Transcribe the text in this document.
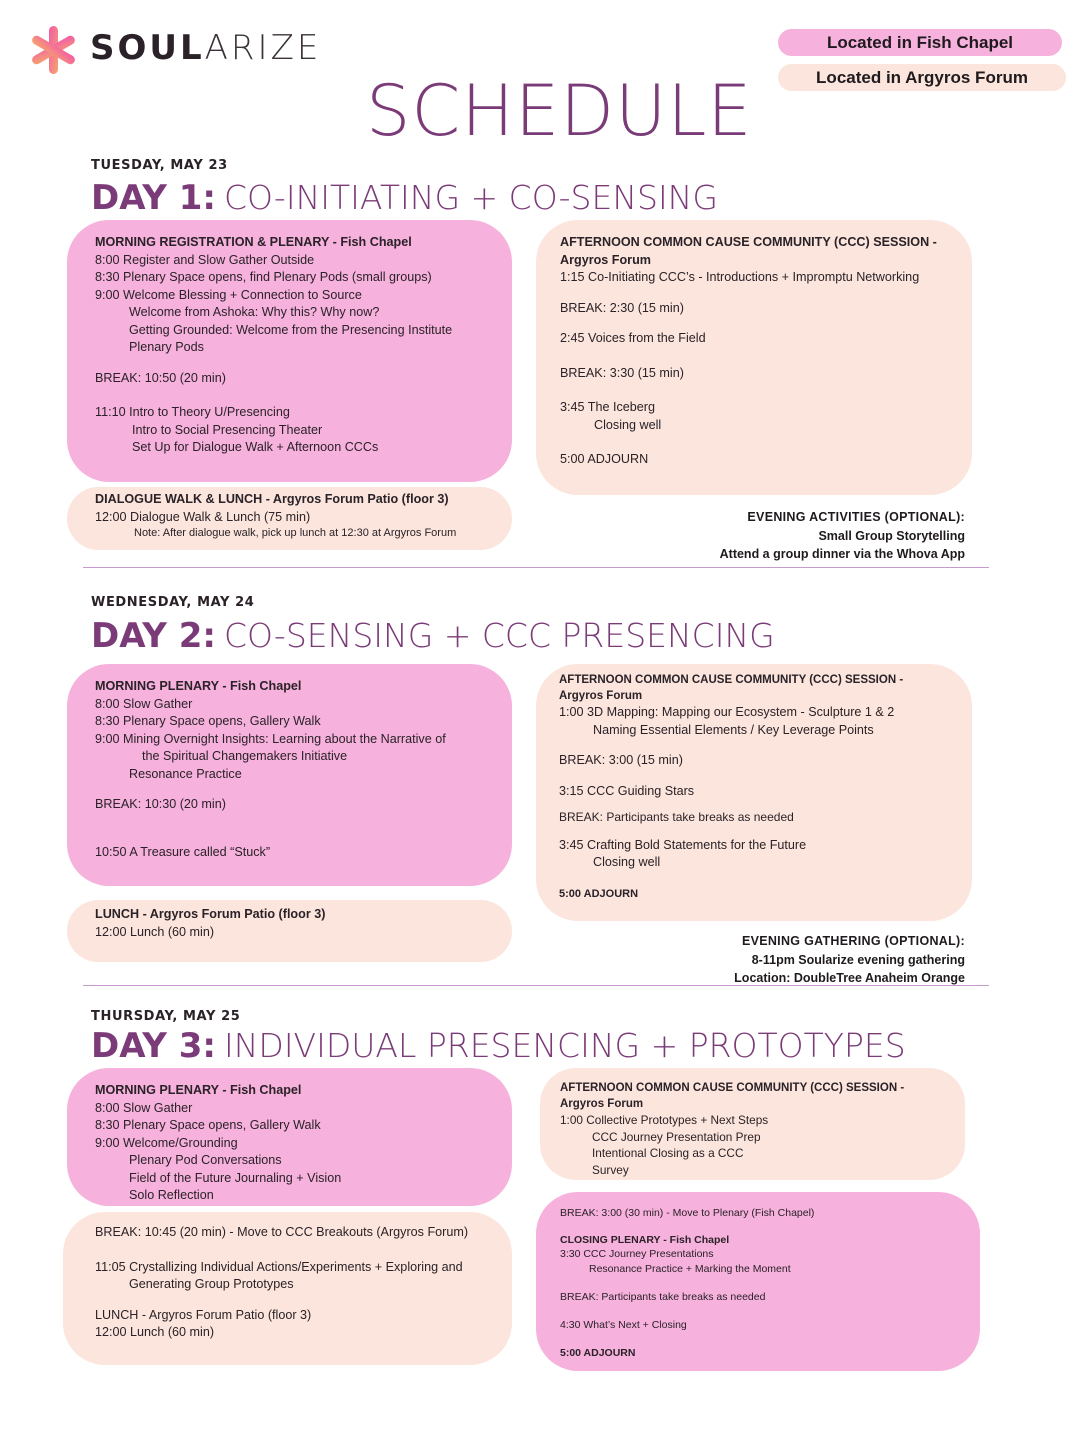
SOULARIZE	Located in Fish Chapel
Located in Argyros Forum
SCHEDULE
TUESDAY, MAY 23
DAY 1: CO-INITIATING + CO-SENSING
MORNING REGISTRATION & PLENARY - Fish Chapel
8:00 Register and Slow Gather Outside
8:30 Plenary Space opens, find Plenary Pods (small groups)
9:00 Welcome Blessing + Connection to Source
Welcome from Ashoka: Why this? Why now?
Getting Grounded: Welcome from the Presencing Institute
Plenary Pods
BREAK: 10:50 (20 min)
11:10 Intro to Theory U/Presencing
Intro to Social Presencing Theater
Set Up for Dialogue Walk + Afternoon CCCs
DIALOGUE WALK & LUNCH - Argyros Forum Patio (floor 3)
12:00 Dialogue Walk & Lunch (75 min)
Note: After dialogue walk, pick up lunch at 12:30 at Argyros Forum
AFTERNOON COMMON CAUSE COMMUNITY (CCC) SESSION -
Argyros Forum
1:15 Co-Initiating CCC’s - Introductions + Impromptu Networking
BREAK: 2:30 (15 min)
2:45 Voices from the Field
BREAK: 3:30 (15 min)
3:45 The Iceberg
Closing well
5:00 ADJOURN
EVENING ACTIVITIES (OPTIONAL):
Small Group Storytelling
Attend a group dinner via the Whova App
WEDNESDAY, MAY 24
DAY 2: CO-SENSING + CCC PRESENCING
MORNING PLENARY - Fish Chapel
8:00 Slow Gather
8:30 Plenary Space opens, Gallery Walk
9:00 Mining Overnight Insights: Learning about the Narrative of
the Spiritual Changemakers Initiative
Resonance Practice
BREAK: 10:30 (20 min)
10:50 A Treasure called “Stuck”
LUNCH - Argyros Forum Patio (floor 3)
12:00 Lunch (60 min)
AFTERNOON COMMON CAUSE COMMUNITY (CCC) SESSION -
Argyros Forum
1:00 3D Mapping: Mapping our Ecosystem - Sculpture 1 & 2
Naming Essential Elements / Key Leverage Points
BREAK: 3:00 (15 min)
3:15 CCC Guiding Stars
BREAK: Participants take breaks as needed
3:45 Crafting Bold Statements for the Future
Closing well
5:00 ADJOURN
EVENING GATHERING (OPTIONAL):
8-11pm Soularize evening gathering
Location: DoubleTree Anaheim Orange
THURSDAY, MAY 25
DAY 3: INDIVIDUAL PRESENCING + PROTOTYPES
MORNING PLENARY - Fish Chapel
8:00 Slow Gather
8:30 Plenary Space opens, Gallery Walk
9:00 Welcome/Grounding
Plenary Pod Conversations
Field of the Future Journaling + Vision
Solo Reflection
BREAK: 10:45 (20 min) - Move to CCC Breakouts (Argyros Forum)
11:05 Crystallizing Individual Actions/Experiments + Exploring and
Generating Group Prototypes
LUNCH - Argyros Forum Patio (floor 3)
12:00 Lunch (60 min)
AFTERNOON COMMON CAUSE COMMUNITY (CCC) SESSION -
Argyros Forum
1:00 Collective Prototypes + Next Steps
CCC Journey Presentation Prep
Intentional Closing as a CCC
Survey
BREAK: 3:00 (30 min) - Move to Plenary (Fish Chapel)
CLOSING PLENARY - Fish Chapel
3:30 CCC Journey Presentations
Resonance Practice + Marking the Moment
BREAK: Participants take breaks as needed
4:30 What’s Next + Closing
5:00 ADJOURN
